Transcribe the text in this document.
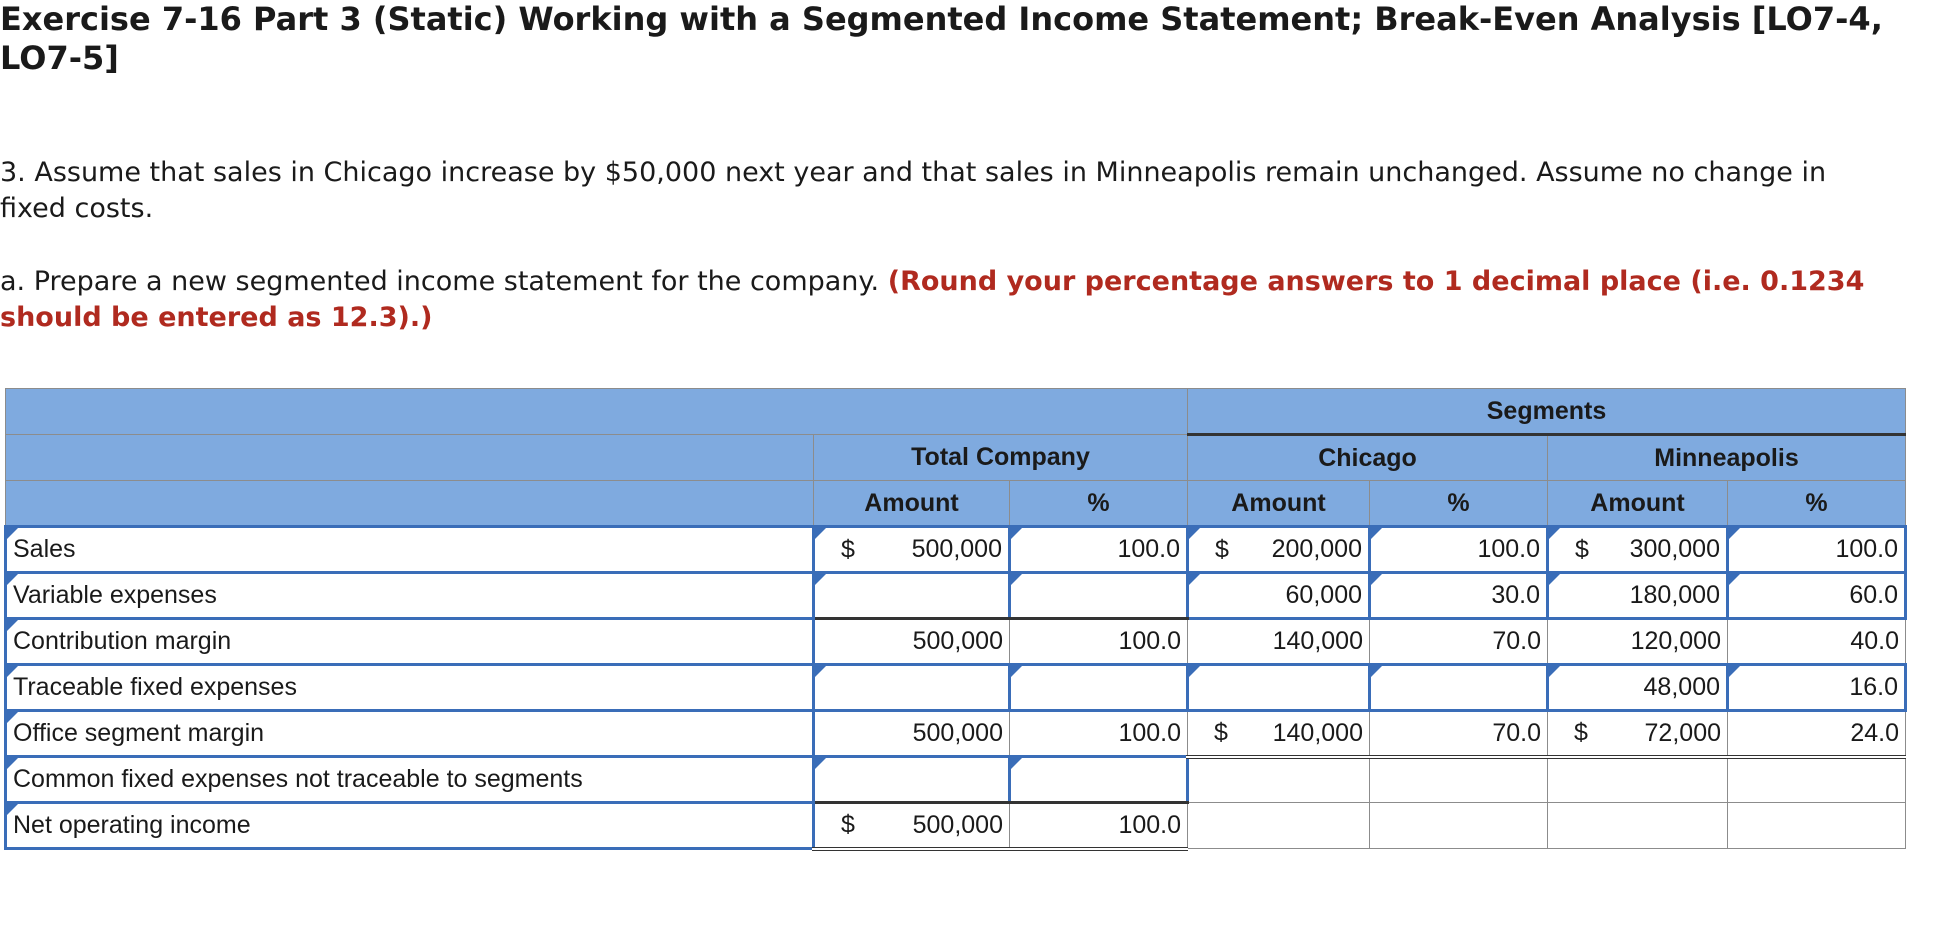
Exercise 7-16 Part 3 (Static) Working with a Segmented Income Statement; Break-Even Analysis [LO7-4, LO7-5]

3. Assume that sales in Chicago increase by $50,000 next year and that sales in Minneapolis remain unchanged. Assume no change in fixed costs.

a. Prepare a new segmented income statement for the company. (Round your percentage answers to 1 decimal place (i.e. 0.1234 should be entered as 12.3).)

			Segments			
	Total Company		Chicago		Minneapolis	
	Amount	%	Amount	%	Amount	%
Sales	$ 500,000	100.0	$ 200,000	100.0	$ 300,000	100.0
Variable expenses			60,000	30.0	180,000	60.0
Contribution margin	500,000	100.0	140,000	70.0	120,000	40.0
Traceable fixed expenses					48,000	16.0
Office segment margin	500,000	100.0	$ 140,000	70.0	$ 72,000	24.0
Common fixed expenses not traceable to segments						
Net operating income	$ 500,000	100.0				
